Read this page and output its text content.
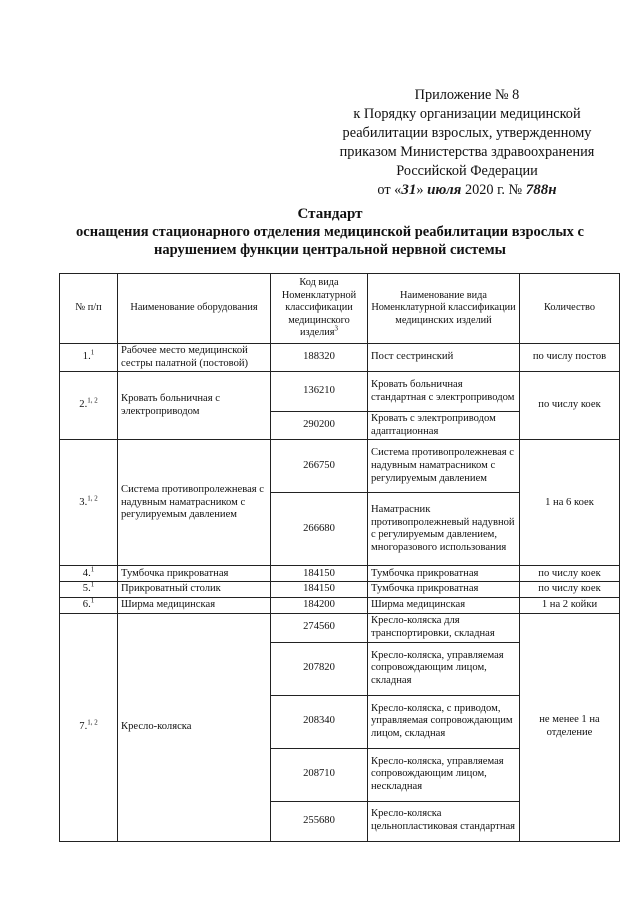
Приложение № 8
к Порядку организации медицинской
реабилитации взрослых, утвержденному
приказом Министерства здравоохранения
Российской Федерации
от «31» июля 2020 г. № 788н
Стандарт
оснащения стационарного отделения медицинской реабилитации взрослых с
нарушением функции центральной нервной системы
№ п/п	Наименование оборудования	Код вида Номенклатурной классификации медицинского изделия$^3$	Наименование вида Номенклатурной классификации медицинских изделий	Количество
1.$^1$	Рабочее место медицинской сестры палатной (постовой)	188320	Пост сестринский	по числу постов
2.$^{1, 2}$	Кровать больничная с электроприводом	136210	Кровать больничная стандартная с электроприводом	по числу коек
		290200	Кровать с электроприводом адаптационная	
3.$^{1, 2}$	Система противопролежневая с надувным наматрасником с регулируемым давлением	266750	Система противопролежневая с надувным наматрасником с регулируемым давлением	1 на 6 коек
		266680	Наматрасник противопролежневый надувной с регулируемым давлением, многоразового использования	
4.$^1$	Тумбочка прикроватная	184150	Тумбочка прикроватная	по числу коек
5.$^1$	Прикроватный столик	184150	Тумбочка прикроватная	по числу коек
6.$^1$	Ширма медицинская	184200	Ширма медицинская	1 на 2 койки
7.$^{1, 2}$	Кресло-коляска	274560	Кресло-коляска для транспортировки, складная	не менее 1 на отделение
		207820	Кресло-коляска, управляемая сопровождающим лицом, складная	
		208340	Кресло-коляска, с приводом, управляемая сопровождающим лицом, складная	
		208710	Кресло-коляска, управляемая сопровождающим лицом, нескладная	
		255680	Кресло-коляска цельнопластиковая стандартная	
